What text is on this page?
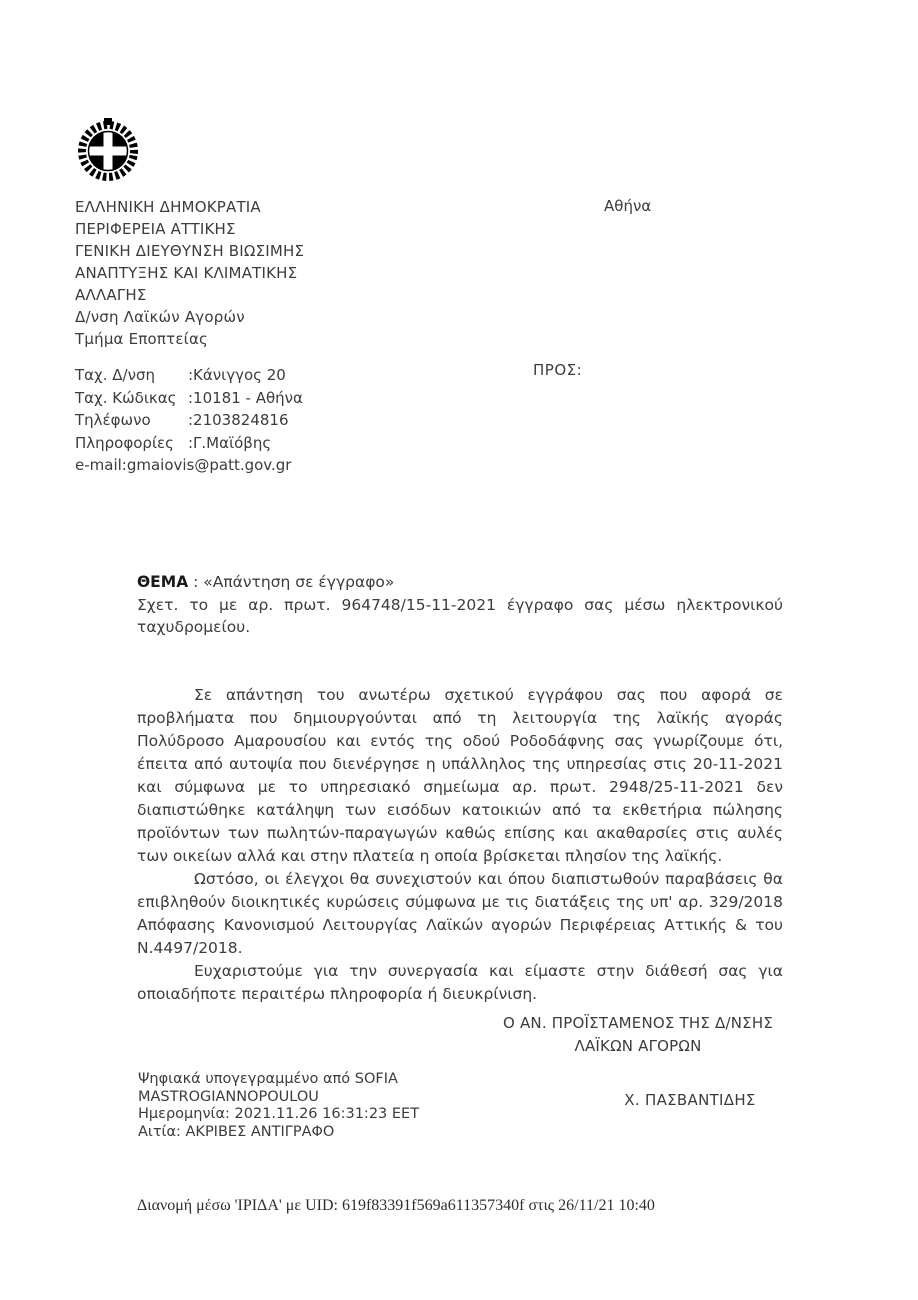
ΕΛΛΗΝΙΚΗ ΔΗΜΟΚΡΑΤΙΑ
ΠΕΡΙΦΕΡΕΙΑ ΑΤΤΙΚΗΣ
ΓΕΝΙΚΗ ΔΙΕΥΘΥΝΣΗ ΒΙΩΣΙΜΗΣ
ΑΝΑΠΤΥΞΗΣ ΚΑΙ ΚΛΙΜΑΤΙΚΗΣ
ΑΛΛΑΓΗΣ
Δ/νση Λαϊκών Αγορών
Τμήμα Εποπτείας
Αθήνα
Ταχ. Δ/νση :Κάνιγγος 20
Ταχ. Κώδικας :10181 - Αθήνα
Τηλέφωνο :2103824816
Πληροφορίες :Γ.Μαϊόβης
e-mail:gmaiovis@patt.gov.gr
ΠΡΟΣ:
ΘΕΜΑ : «Απάντηση σε έγγραφο»
Σχετ. το με αρ. πρωτ. 964748/15-11-2021 έγγραφο σας μέσω ηλεκτρονικού ταχυδρομείου.

Σε απάντηση του ανωτέρω σχετικού εγγράφου σας που αφορά σε προβλήματα που δημιουργούνται από τη λειτουργία της λαϊκής αγοράς Πολύδροσο Αμαρουσίου και εντός της οδού Ροδοδάφνης σας γνωρίζουμε ότι, έπειτα από αυτοψία που διενέργησε η υπάλληλος της υπηρεσίας στις 20-11-2021 και σύμφωνα με το υπηρεσιακό σημείωμα αρ. πρωτ. 2948/25-11-2021 δεν διαπιστώθηκε κατάληψη των εισόδων κατοικιών από τα εκθετήρια πώλησης προϊόντων των πωλητών-παραγωγών καθώς επίσης και ακαθαρσίες στις αυλές των οικείων αλλά και στην πλατεία η οποία βρίσκεται πλησίον της λαϊκής.

Ωστόσο, οι έλεγχοι θα συνεχιστούν και όπου διαπιστωθούν παραβάσεις θα επιβληθούν διοικητικές κυρώσεις σύμφωνα με τις διατάξεις της υπ' αρ. 329/2018 Απόφασης Κανονισμού Λειτουργίας Λαϊκών αγορών Περιφέρειας Αττικής & του Ν.4497/2018.

Ευχαριστούμε για την συνεργασία και είμαστε στην διάθεσή σας για οποιαδήποτε περαιτέρω πληροφορία ή διευκρίνιση.

Ο ΑΝ. ΠΡΟΪΣΤΑΜΕΝΟΣ ΤΗΣ Δ/ΝΣΗΣ
ΛΑΪΚΩΝ ΑΓΟΡΩΝ
Χ. ΠΑΣΒΑΝΤΙΔΗΣ
Ψηφιακά υπογεγραμμένο από SOFIA MASTROGIANNOPOULOU
Ημερομηνία: 2021.11.26 16:31:23 EET
Αιτία: ΑΚΡΙΒΕΣ ΑΝΤΙΓΡΑΦΟ
Διανομή μέσω 'ΙΡΙΔΑ' με UID: 619f83391f569a611357340f στις 26/11/21 10:40
